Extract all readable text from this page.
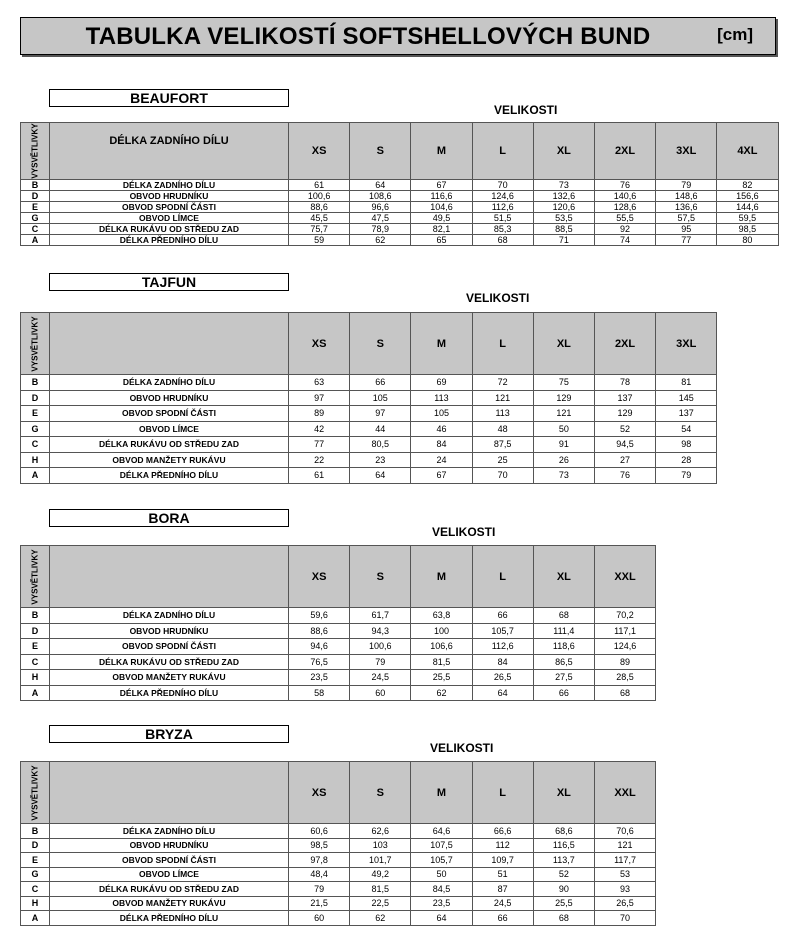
TABULKA VELIKOSTÍ SOFTSHELLOVÝCH BUND	[cm]
BEAUFORT
VELIKOSTI
VYSVĚTLIVKY	DÉLKA ZADNÍHO DÍLU	XS	S	M	L	XL	2XL	3XL	4XL
B	DÉLKA ZADNÍHO DÍLU	61	64	67	70	73	76	79	82
D	OBVOD HRUDNÍKU	100,6	108,6	116,6	124,6	132,6	140,6	148,6	156,6
E	OBVOD SPODNÍ ČÁSTI	88,6	96,6	104,6	112,6	120,6	128,6	136,6	144,6
G	OBVOD LÍMCE	45,5	47,5	49,5	51,5	53,5	55,5	57,5	59,5
C	DÉLKA RUKÁVU OD STŘEDU ZAD	75,7	78,9	82,1	85,3	88,5	92	95	98,5
A	DÉLKA PŘEDNÍHO DÍLU	59	62	65	68	71	74	77	80
TAJFUN
VELIKOSTI
VYSVĚTLIVKY		XS	S	M	L	XL	2XL	3XL
B	DÉLKA ZADNÍHO DÍLU	63	66	69	72	75	78	81
D	OBVOD HRUDNÍKU	97	105	113	121	129	137	145
E	OBVOD SPODNÍ ČÁSTI	89	97	105	113	121	129	137
G	OBVOD LÍMCE	42	44	46	48	50	52	54
C	DÉLKA RUKÁVU OD STŘEDU ZAD	77	80,5	84	87,5	91	94,5	98
H	OBVOD MANŽETY RUKÁVU	22	23	24	25	26	27	28
A	DÉLKA PŘEDNÍHO DÍLU	61	64	67	70	73	76	79
BORA
VELIKOSTI
VYSVĚTLIVKY		XS	S	M	L	XL	XXL
B	DÉLKA ZADNÍHO DÍLU	59,6	61,7	63,8	66	68	70,2
D	OBVOD HRUDNÍKU	88,6	94,3	100	105,7	111,4	117,1
E	OBVOD SPODNÍ ČÁSTI	94,6	100,6	106,6	112,6	118,6	124,6
C	DÉLKA RUKÁVU OD STŘEDU ZAD	76,5	79	81,5	84	86,5	89
H	OBVOD MANŽETY RUKÁVU	23,5	24,5	25,5	26,5	27,5	28,5
A	DÉLKA PŘEDNÍHO DÍLU	58	60	62	64	66	68
BRYZA
VELIKOSTI
VYSVĚTLIVKY		XS	S	M	L	XL	XXL
B	DÉLKA ZADNÍHO DÍLU	60,6	62,6	64,6	66,6	68,6	70,6
D	OBVOD HRUDNÍKU	98,5	103	107,5	112	116,5	121
E	OBVOD SPODNÍ ČÁSTI	97,8	101,7	105,7	109,7	113,7	117,7
G	OBVOD LÍMCE	48,4	49,2	50	51	52	53
C	DÉLKA RUKÁVU OD STŘEDU ZAD	79	81,5	84,5	87	90	93
H	OBVOD MANŽETY RUKÁVU	21,5	22,5	23,5	24,5	25,5	26,5
A	DÉLKA PŘEDNÍHO DÍLU	60	62	64	66	68	70
